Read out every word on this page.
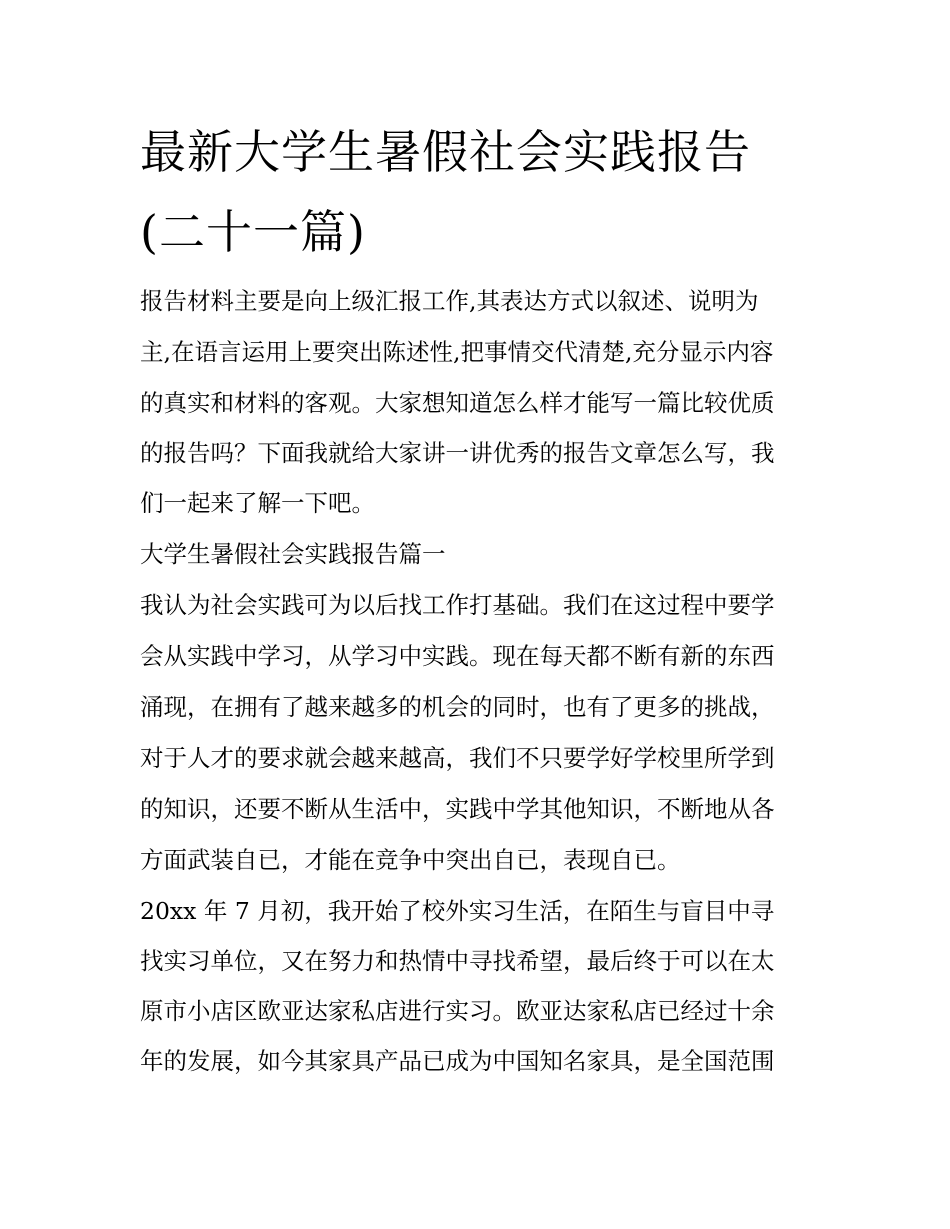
最新大学生暑假社会实践报告
(二十一篇)

报告材料主要是向上级汇报工作,其表达方式以叙述、说明为

主,在语言运用上要突出陈述性,把事情交代清楚,充分显示内容

的真实和材料的客观。大家想知道怎么样才能写一篇比较优质

的报告吗？下面我就给大家讲一讲优秀的报告文章怎么写，我

们一起来了解一下吧。

大学生暑假社会实践报告篇一

我认为社会实践可为以后找工作打基础。我们在这过程中要学

会从实践中学习，从学习中实践。现在每天都不断有新的东西

涌现，在拥有了越来越多的机会的同时，也有了更多的挑战，

对于人才的要求就会越来越高，我们不只要学好学校里所学到

的知识，还要不断从生活中，实践中学其他知识，不断地从各

方面武装自已，才能在竞争中突出自已，表现自已。

20xx 年 7 月初，我开始了校外实习生活，在陌生与盲目中寻

找实习单位，又在努力和热情中寻找希望，最后终于可以在太

原市小店区欧亚达家私店进行实习。欧亚达家私店已经过十余

年的发展，如今其家具产品已成为中国知名家具，是全国范围
